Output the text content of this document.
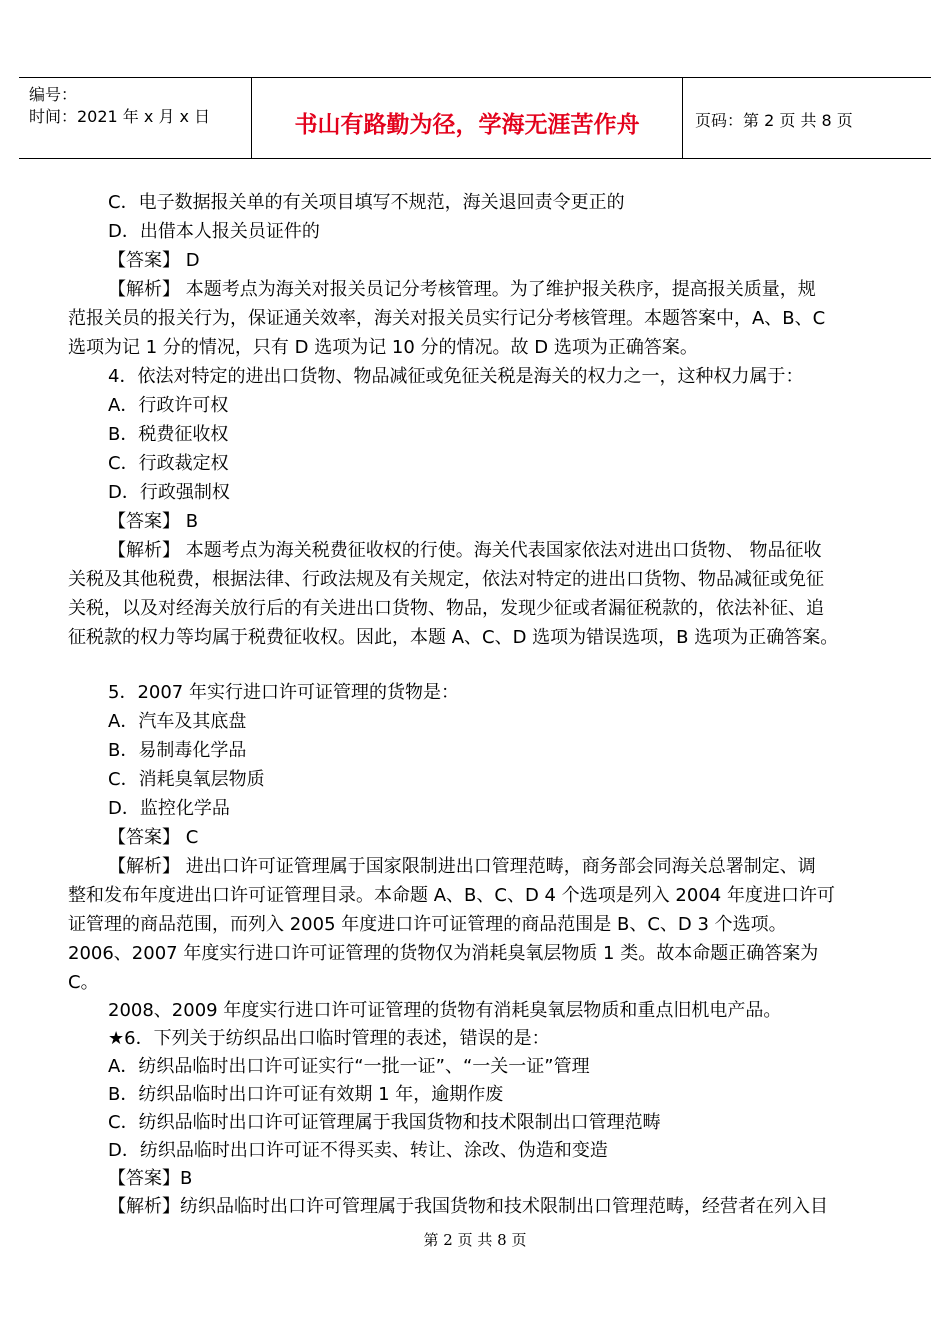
编号：
时间：2021 年 x 月 x 日	书山有路勤为径，学海无涯苦作舟	页码：第 2 页 共 8 页
C．电子数据报关单的有关项目填写不规范，海关退回责令更正的
D．出借本人报关员证件的
【答案】 D
【解析】 本题考点为海关对报关员记分考核管理。为了维护报关秩序，提高报关质量，规
范报关员的报关行为，保证通关效率，海关对报关员实行记分考核管理。本题答案中，A、B、C
选项为记 1 分的情况，只有 D 选项为记 10 分的情况。故 D 选项为正确答案。
4．依法对特定的进出口货物、物品减征或免征关税是海关的权力之一，这种权力属于：
A．行政许可权
B．税费征收权
C．行政裁定权
D．行政强制权
【答案】 B
【解析】 本题考点为海关税费征收权的行使。海关代表国家依法对进出口货物、 物品征收
关税及其他税费，根据法律、行政法规及有关规定，依法对特定的进出口货物、物品减征或免征
关税，以及对经海关放行后的有关进出口货物、物品，发现少征或者漏征税款的，依法补征、追
征税款的权力等均属于税费征收权。因此，本题 A、C、D 选项为错误选项，B 选项为正确答案。
5．2007 年实行进口许可证管理的货物是：
A．汽车及其底盘
B．易制毒化学品
C．消耗臭氧层物质
D．监控化学品
【答案】 C
【解析】 进出口许可证管理属于国家限制进出口管理范畴，商务部会同海关总署制定、调
整和发布年度进出口许可证管理目录。本命题 A、B、C、D 4 个选项是列入 2004 年度进口许可
证管理的商品范围，而列入 2005 年度进口许可证管理的商品范围是 B、C、D 3 个选项。
2006、2007 年度实行进口许可证管理的货物仅为消耗臭氧层物质 1 类。故本命题正确答案为
C。
2008、2009 年度实行进口许可证管理的货物有消耗臭氧层物质和重点旧机电产品。
★6．下列关于纺织品出口临时管理的表述，错误的是：
A．纺织品临时出口许可证实行“一批一证”、“一关一证”管理
B．纺织品临时出口许可证有效期 1 年，逾期作废
C．纺织品临时出口许可证管理属于我国货物和技术限制出口管理范畴
D．纺织品临时出口许可证不得买卖、转让、涂改、伪造和变造
【答案】B
【解析】纺织品临时出口许可管理属于我国货物和技术限制出口管理范畴，经营者在列入目
第 2 页 共 8 页
